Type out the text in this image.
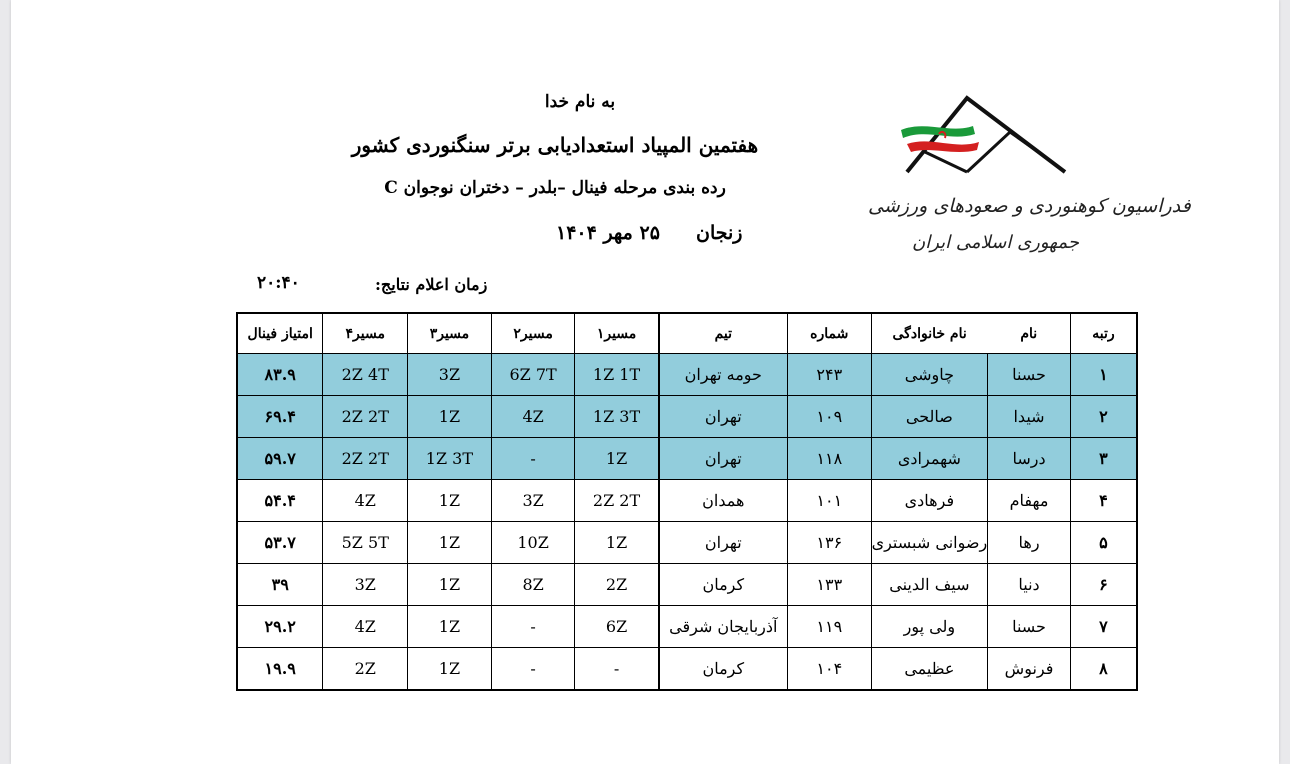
فدراسیون کوهنوردی و صعودهای ورزشی
جمهوری اسلامی ایران
به نام خدا
هفتمین المپیاد استعدادیابی برتر سنگنوردی کشور
رده بندی مرحله فینال –بلدر – دختران نوجوان C
زنجان
۲۵ مهر ۱۴۰۴
زمان اعلام نتایج:
۲۰:۴۰
رتبه	نام	نام خانوادگی	شماره	تیم	مسیر۱	مسیر۲	مسیر۳	مسیر۴	امتیاز فینال
۱	حسنا	چاوشی	۲۴۳	حومه تهران	1Z 1T	6Z 7T	3Z	2Z 4T	۸۳.۹
۲	شیدا	صالحی	۱۰۹	تهران	1Z 3T	4Z	1Z	2Z 2T	۶۹.۴
۳	درسا	شهمرادی	۱۱۸	تهران	1Z	-	1Z 3T	2Z 2T	۵۹.۷
۴	مهفام	فرهادی	۱۰۱	همدان	2Z 2T	3Z	1Z	4Z	۵۴.۴
۵	رها	رضوانی شبستری	۱۳۶	تهران	1Z	10Z	1Z	5Z 5T	۵۳.۷
۶	دنیا	سیف الدینی	۱۳۳	کرمان	2Z	8Z	1Z	3Z	۳۹
۷	حسنا	ولی پور	۱۱۹	آذربایجان شرقی	6Z	-	1Z	4Z	۲۹.۲
۸	فرنوش	عظیمی	۱۰۴	کرمان	-	-	1Z	2Z	۱۹.۹
